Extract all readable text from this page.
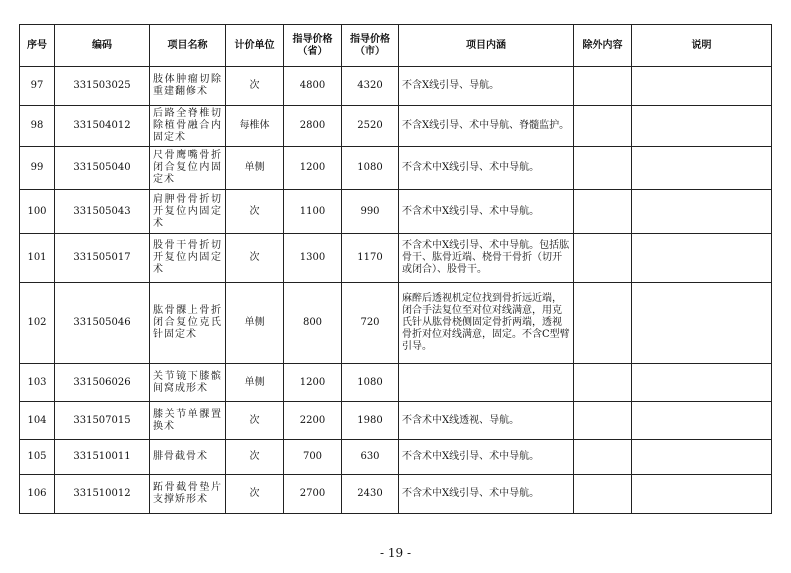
序号	编码	项目名称	计价单位	指导价格（省）	指导价格（市）	项目内涵	除外内容	说明
97	331503025	肢体肿瘤切除重建翻修术	次	4800	4320	不含X线引导、导航。		
98	331504012	后路全脊椎切除植骨融合内固定术	每椎体	2800	2520	不含X线引导、术中导航、脊髓监护。		
99	331505040	尺骨鹰嘴骨折闭合复位内固定术	单侧	1200	1080	不含术中X线引导、术中导航。		
100	331505043	肩胛骨骨折切开复位内固定术	次	1100	990	不含术中X线引导、术中导航。		
101	331505017	股骨干骨折切开复位内固定术	次	1300	1170	不含术中X线引导、术中导航。包括肱骨干、肱骨近端、桡骨干骨折（切开或闭合）、股骨干。		
102	331505046	肱骨髁上骨折闭合复位克氏针固定术	单侧	800	720	麻醉后透视机定位找到骨折远近端，闭合手法复位至对位对线满意，用克氏针从肱骨桡侧固定骨折两端，透视骨折对位对线满意，固定。不含C型臂引导。		
103	331506026	关节镜下膝髌间窝成形术	单侧	1200	1080			
104	331507015	膝关节单髁置换术	次	2200	1980	不含术中X线透视、导航。		
105	331510011	腓骨截骨术	次	700	630	不含术中X线引导、术中导航。		
106	331510012	跖骨截骨垫片支撑矫形术	次	2700	2430	不含术中X线引导、术中导航。		
- 19 -
